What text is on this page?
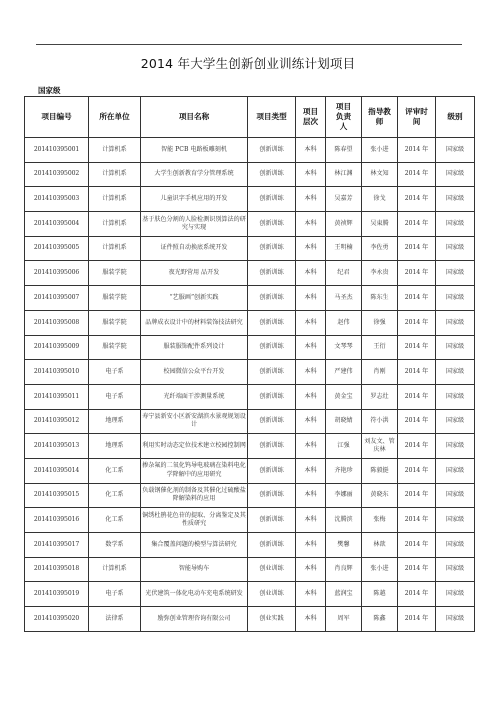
2014 年大学生创新创业训练计划项目
国家级
项目编号	所在单位	项目名称	项目类型	项目层次	项目负责人	指导教师	评审时间	级别
201410395001	计算机系	智能 PCB 电路板雕刻机	创新训练	本科	陈春望	张小进	2014 年	国家级
201410395002	计算机系	大学生创新教育学分管理系统	创新训练	本科	林江渊	林文知	2014 年	国家级
201410395003	计算机系	儿童识字手机应用的开发	创新训练	本科	吴嘉芳	徐戈	2014 年	国家级
201410395004	计算机系	基于肤色分割的人脸检测识别算法的研究与实现	创新训练	本科	黄祯辉	吴東腾	2014 年	国家级
201410395005	计算机系	证件照自动换底系统开发	创新训练	本科	王明楠	李佐勇	2014 年	国家级
201410395006	服装学院	夜光野营用 品开发	创新训练	本科	纪君	李永贵	2014 年	国家级
201410395007	服装学院	“艺服画”创新实践	创新训练	本科	马圣杰	陈东生	2014 年	国家级
201410395008	服装学院	品牌成衣设计中的材料装饰技法研究	创新训练	本科	赵伟	徐强	2014 年	国家级
201410395009	服装学院	服装服饰配件系列设计	创新训练	本科	文琴琴	王衍	2014 年	国家级
201410395010	电子系	校园微信公众平台开发	创新训练	本科	严建伟	肖刚	2014 年	国家级
201410395011	电子系	光纤端面干涉测量系统	创新训练	本科	黄金宝	罗志灶	2014 年	国家级
201410395012	地理系	寿宁县新安小区新安湖滨水景观规划设计	创新训练	本科	胡晓婧	符小洪	2014 年	国家级
201410395013	地理系	利用实时动态定位技术建立校园控制网	创新训练	本科	江强	刘友文、管庆林	2014 年	国家级
201410395014	化工系	掺杂氟的二氧化钨导电玻璃在染料电化学降解中的应用研究	创新训练	本科	齐艳珍	陈毅挺	2014 年	国家级
201410395015	化工系	负载钢催化剂的制备及其催化过硫酸盐降解染料的应用	创新训练	本科	李娜丽	黄晓东	2014 年	国家级
201410395016	化工系	铜绣杜鹃花色苷的提取、分离鉴定及其性质研究	创新训练	本科	沈腾滨	张梅	2014 年	国家级
201410395017	数学系	集合覆盖问题的模型与算法研究	创新训练	本科	樊馨	林歆	2014 年	国家级
201410395018	计算机系	智能导购车	创业训练	本科	肖良辉	张小进	2014 年	国家级
201410395019	电子系	光伏建筑一体化电动车充电系统研发	创业训练	本科	蓝润宝	陈越	2014 年	国家级
201410395020	法律系	励弥创业管理咨询有限公司	创业实践	本科	周军	陈鑫	2014 年	国家级
